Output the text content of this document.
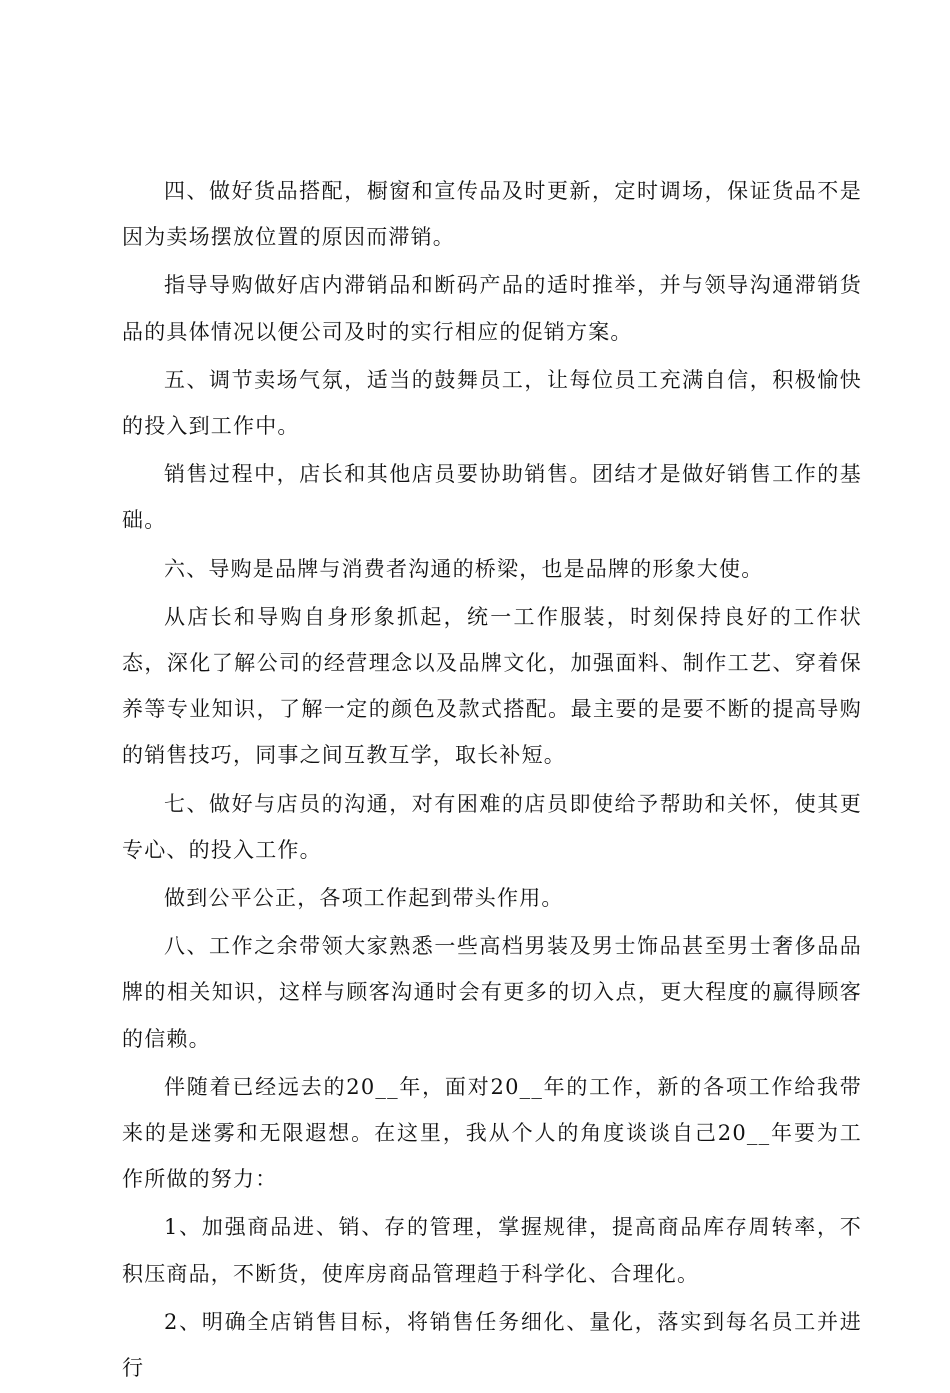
四、做好货品搭配，橱窗和宣传品及时更新，定时调场，保证货品不是因为卖场摆放位置的原因而滞销。

指导导购做好店内滞销品和断码产品的适时推举，并与领导沟通滞销货品的具体情况以便公司及时的实行相应的促销方案。

五、调节卖场气氛，适当的鼓舞员工，让每位员工充满自信，积极愉快的投入到工作中。

销售过程中，店长和其他店员要协助销售。团结才是做好销售工作的基础。

六、导购是品牌与消费者沟通的桥梁，也是品牌的形象大使。

从店长和导购自身形象抓起，统一工作服装，时刻保持良好的工作状态，深化了解公司的经营理念以及品牌文化，加强面料、制作工艺、穿着保养等专业知识，了解一定的颜色及款式搭配。最主要的是要不断的提高导购的销售技巧，同事之间互教互学，取长补短。

七、做好与店员的沟通，对有困难的店员即使给予帮助和关怀，使其更专心、的投入工作。

做到公平公正，各项工作起到带头作用。

八、工作之余带领大家熟悉一些高档男装及男士饰品甚至男士奢侈品品牌的相关知识，这样与顾客沟通时会有更多的切入点，更大程度的赢得顾客的信赖。

伴随着已经远去的20__年，面对20__年的工作，新的各项工作给我带来的是迷雾和无限遐想。在这里，我从个人的角度谈谈自己20__年要为工作所做的努力：

1、加强商品进、销、存的管理，掌握规律，提高商品库存周转率，不积压商品，不断货，使库房商品管理趋于科学化、合理化。

2、明确全店销售目标，将销售任务细化、量化，落实到每名员工并进行
